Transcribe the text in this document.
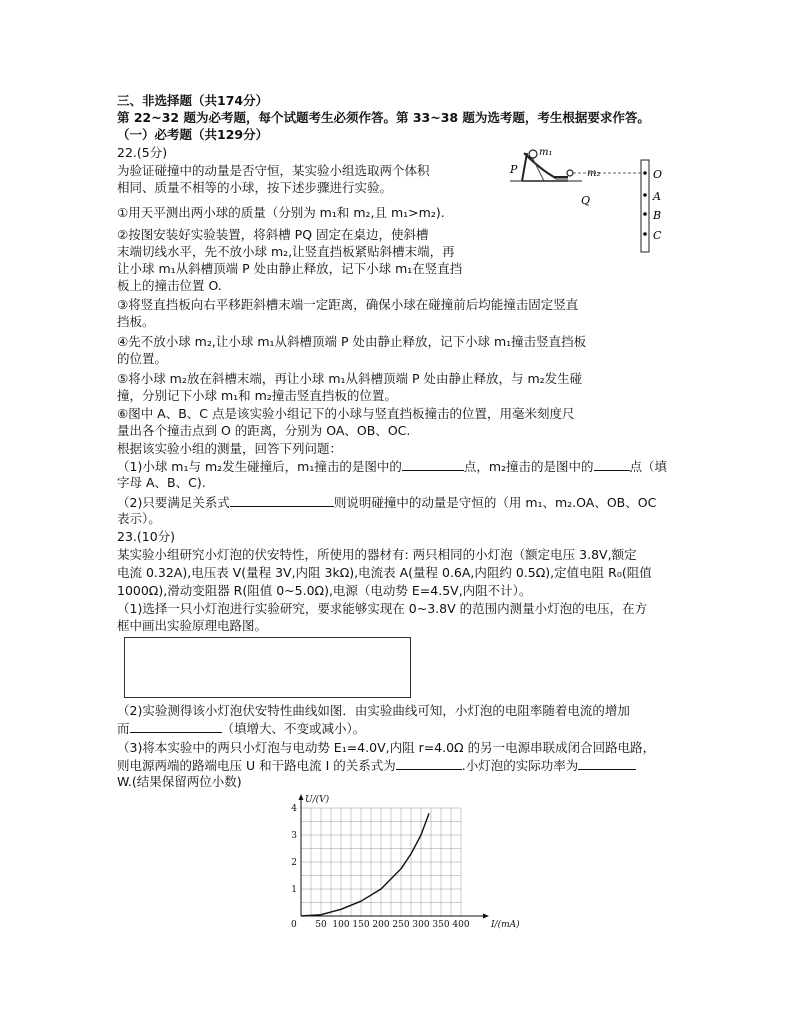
三、非选择题（共174分）
第 22~32 题为必考题，每个试题考生必须作答。第 33~38 题为选考题，考生根据要求作答。
（一）必考题（共129分）
22.(5分)
为验证碰撞中的动量是否守恒，某实验小组选取两个体积
相同、质量不相等的小球，按下述步骤进行实验。
①用天平测出两小球的质量（分别为 m₁和 m₂,且 m₁>m₂).
②按图安装好实验装置，将斜槽 PQ 固定在桌边，使斜槽
末端切线水平，先不放小球 m₂,让竖直挡板紧贴斜槽末端，再
让小球 m₁从斜槽顶端 P 处由静止释放，记下小球 m₁在竖直挡
板上的撞击位置 O.
③将竖直挡板向右平移距斜槽末端一定距离，确保小球在碰撞前后均能撞击固定竖直
挡板。
④先不放小球 m₂,让小球 m₁从斜槽顶端 P 处由静止释放，记下小球 m₁撞击竖直挡板
的位置。
⑤将小球 m₂放在斜槽末端，再让小球 m₁从斜槽顶端 P 处由静止释放，与 m₂发生碰
撞，分别记下小球 m₁和 m₂撞击竖直挡板的位置。
⑥图中 A、B、C 点是该实验小组记下的小球与竖直挡板撞击的位置，用毫米刻度尺
量出各个撞击点到 O 的距离，分别为 OA、OB、OC.
根据该实验小组的测量，回答下列问题：
（1)小球 m₁与 m₂发生碰撞后，m₁撞击的是图中的	点，m₂撞击的是图中的	点（填
字母 A、B、C).
（2)只要满足关系式	则说明碰撞中的动量是守恒的（用 m₁、m₂.OA、OB、OC
表示）。
P
m₁
m₂
Q
O
A
B
C
23.(10分)
某实验小组研究小灯泡的伏安特性，所使用的器材有: 两只相同的小灯泡（额定电压 3.8V,额定
电流 0.32A),电压表 V(量程 3V,内阻 3kΩ),电流表 A(量程 0.6A,内阻约 0.5Ω),定值电阻 R₀(阻值
1000Ω),滑动变阻器 R(阻值 0~5.0Ω),电源（电动势 E=4.5V,内阻不计）。
（1)选择一只小灯泡进行实验研究，要求能够实现在 0~3.8V 的范围内测量小灯泡的电压，在方
框中画出实验原理电路图。
（2)实验测得该小灯泡伏安特性曲线如图．由实验曲线可知，小灯泡的电阻率随着电流的增加
而	（填增大、不变或减小）。
（3)将本实验中的两只小灯泡与电动势 E₁=4.0V,内阻 r=4.0Ω 的另一电源串联成闭合回路电路，
则电源两端的路端电压 U 和干路电流 I 的关系式为	.小灯泡的实际功率为
W.(结果保留两位小数)
0 50 100 150 200 250 300 350 400
1
2
3
4
I/(mA)
U/(V)
